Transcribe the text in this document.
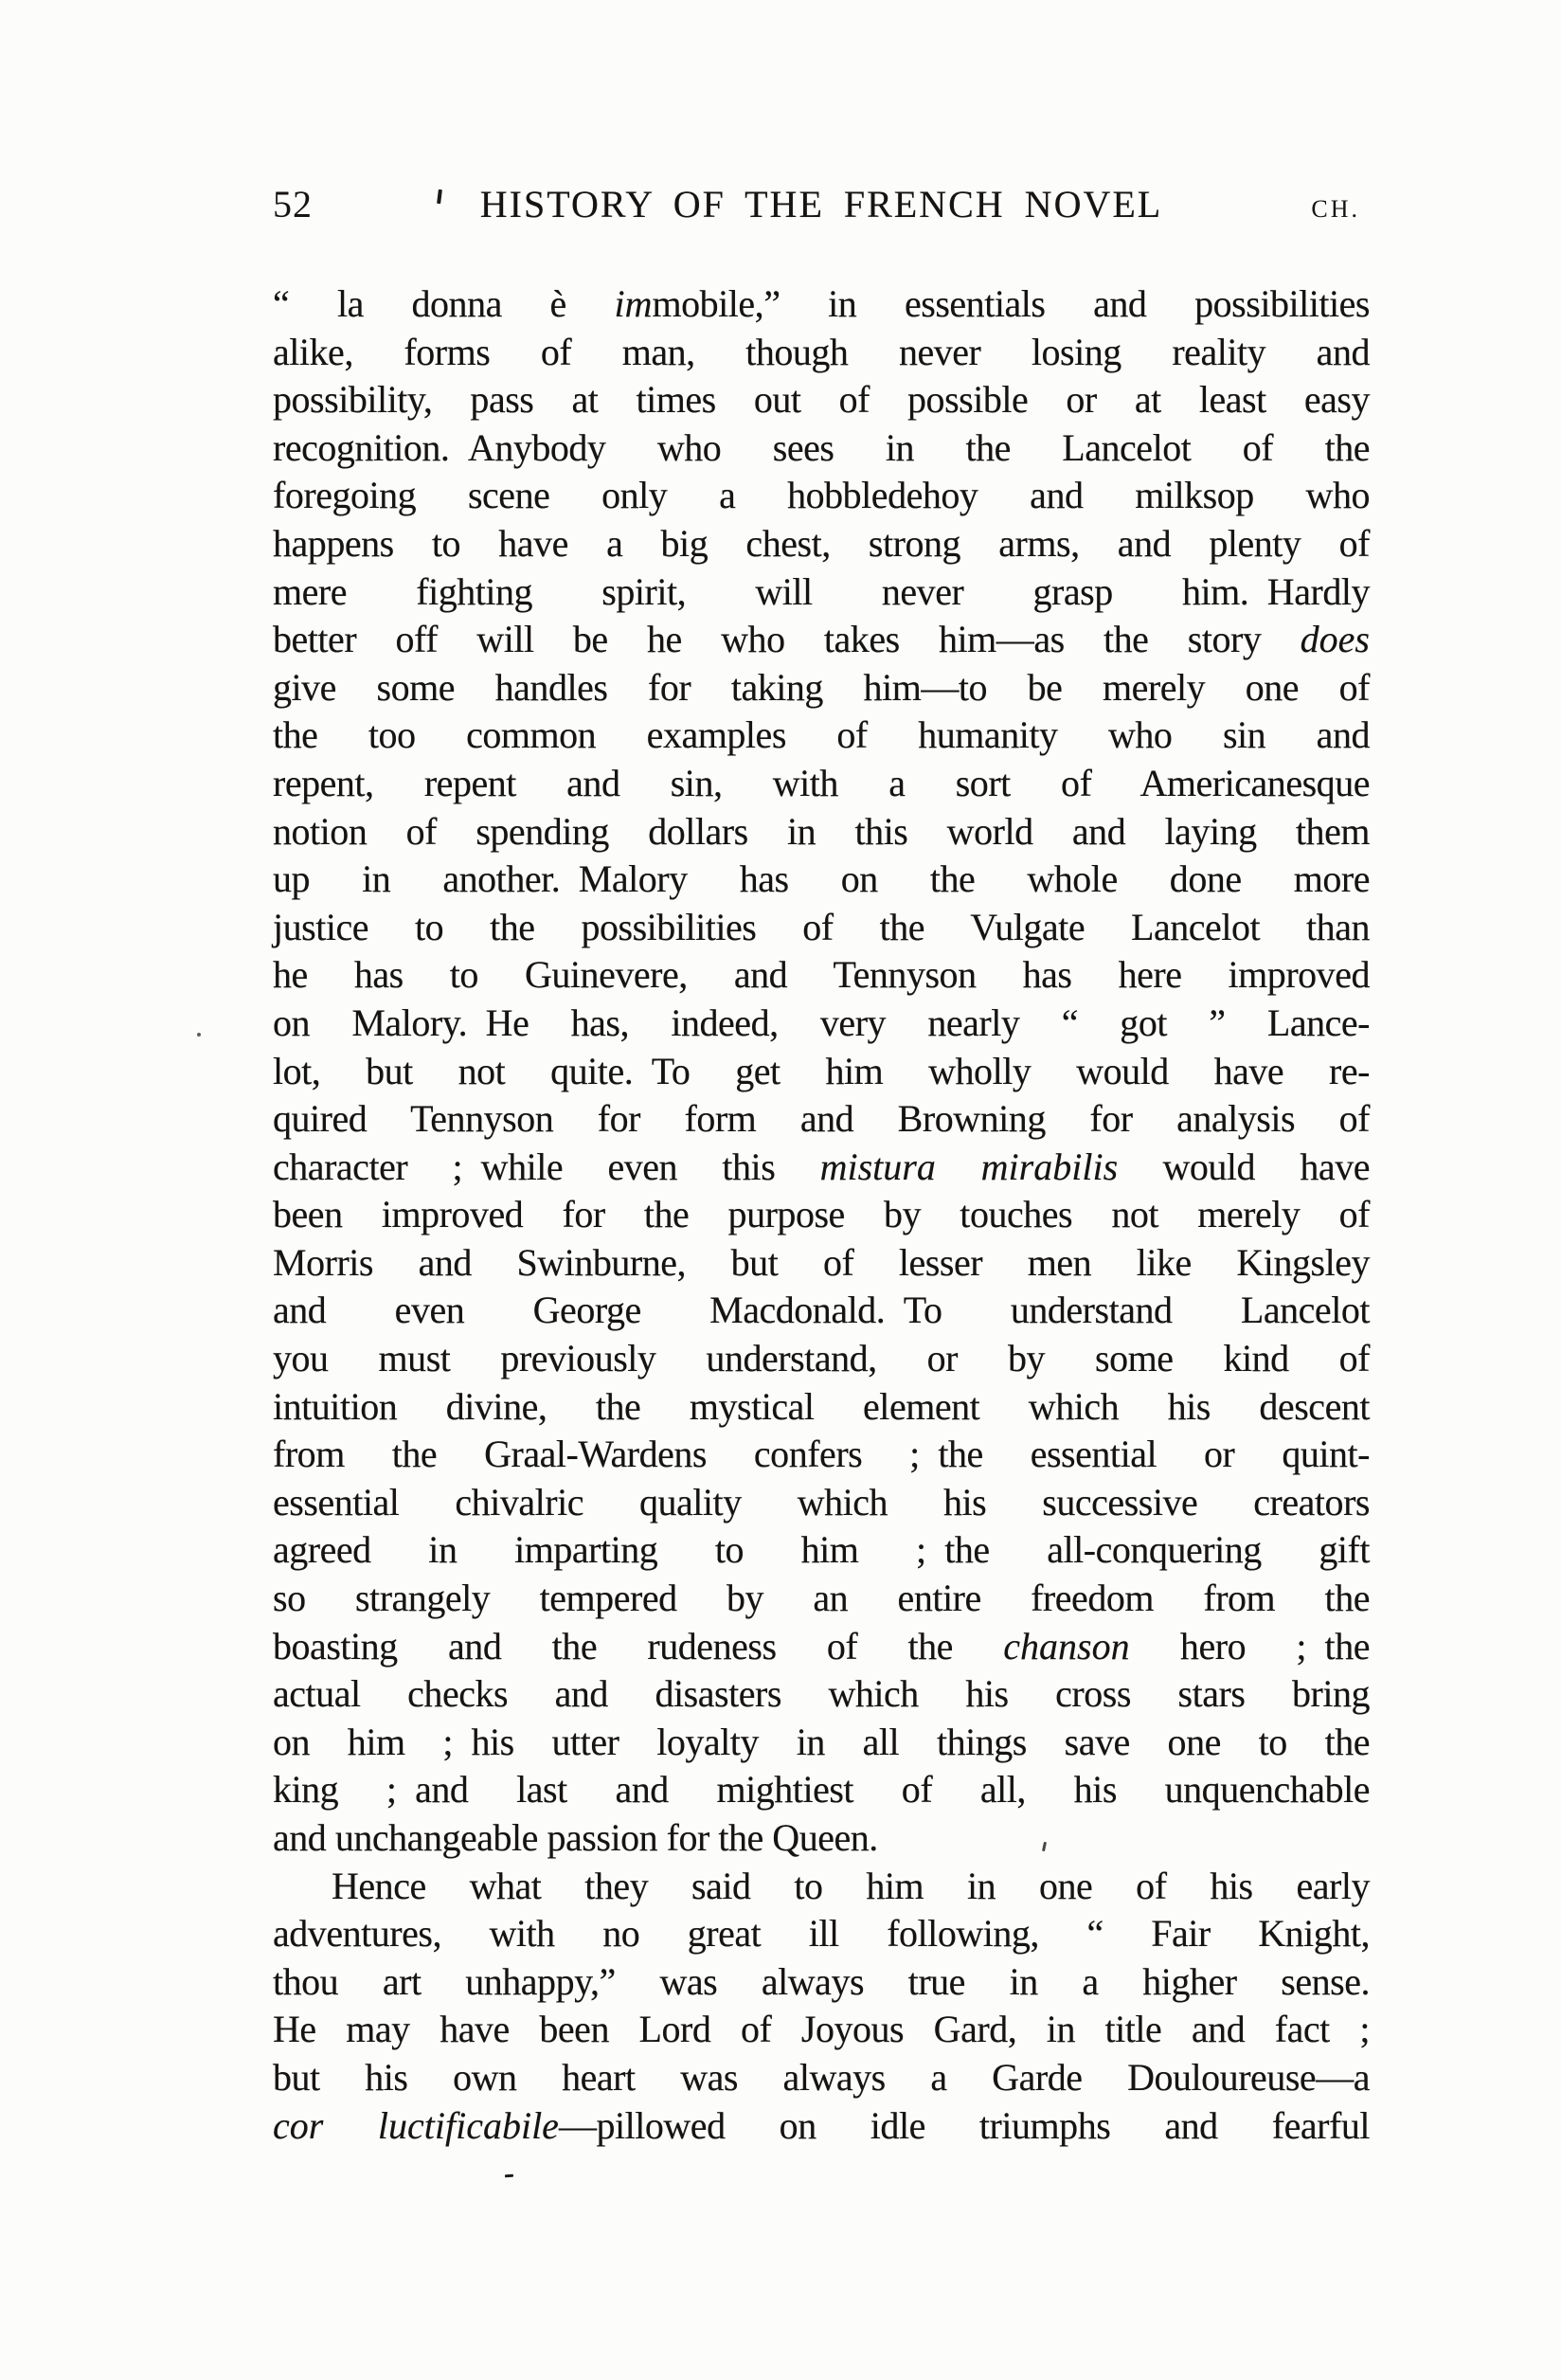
52	HISTORY OF THE FRENCH NOVEL	CH.
“ la donna è immobile,” in essentials and possibilities
alike, forms of man, though never losing reality and
possibility, pass at times out of possible or at least easy
recognition. Anybody who sees in the Lancelot of the
foregoing scene only a hobbledehoy and milksop who
happens to have a big chest, strong arms, and plenty of
mere fighting spirit, will never grasp him. Hardly
better off will be he who takes him—as the story does
give some handles for taking him—to be merely one of
the too common examples of humanity who sin and
repent, repent and sin, with a sort of Americanesque
notion of spending dollars in this world and laying them
up in another. Malory has on the whole done more
justice to the possibilities of the Vulgate Lancelot than
he has to Guinevere, and Tennyson has here improved
on Malory. He has, indeed, very nearly “ got ” Lance-
lot, but not quite. To get him wholly would have re-
quired Tennyson for form and Browning for analysis of
character ; while even this mistura mirabilis would have
been improved for the purpose by touches not merely of
Morris and Swinburne, but of lesser men like Kingsley
and even George Macdonald. To understand Lancelot
you must previously understand, or by some kind of
intuition divine, the mystical element which his descent
from the Graal-Wardens confers ; the essential or quint-
essential chivalric quality which his successive creators
agreed in imparting to him ; the all-conquering gift
so strangely tempered by an entire freedom from the
boasting and the rudeness of the chanson hero ; the
actual checks and disasters which his cross stars bring
on him ; his utter loyalty in all things save one to the
king ; and last and mightiest of all, his unquenchable
and unchangeable passion for the Queen.
Hence what they said to him in one of his early
adventures, with no great ill following, “ Fair Knight,
thou art unhappy,” was always true in a higher sense.
He may have been Lord of Joyous Gard, in title and fact ;
but his own heart was always a Garde Douloureuse—a
cor luctificabile—pillowed on idle triumphs and fearful
